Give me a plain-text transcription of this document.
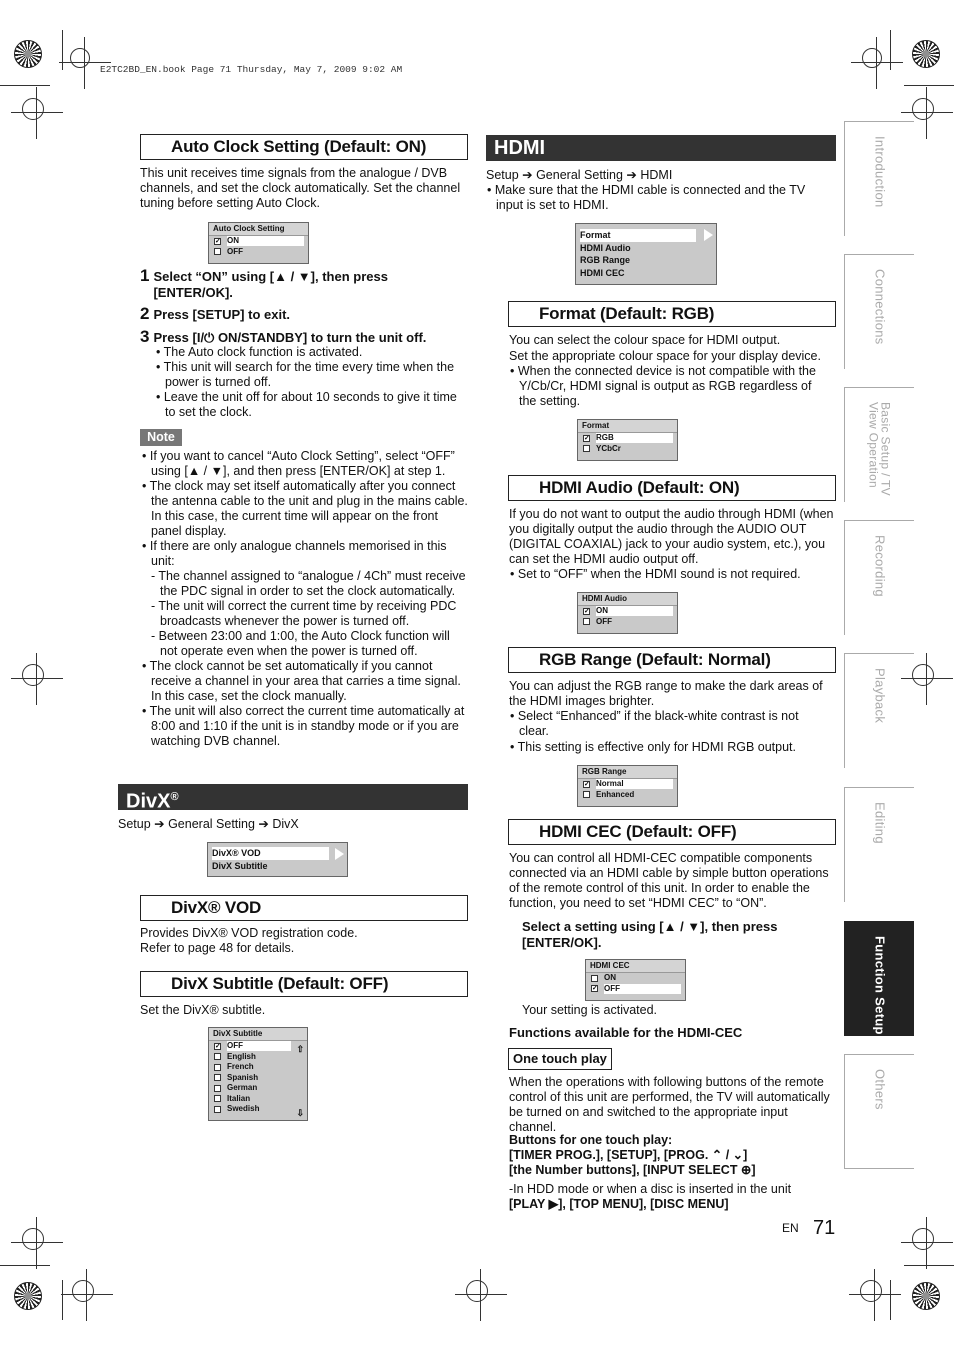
E2TC2BD_EN.book Page 71 Thursday, May 7, 2009 9:02 AM
Auto Clock Setting (Default: ON)

This unit receives time signals from the analogue / DVB channels, and set the clock automatically. Set the channel tuning before setting Auto Clock.

Auto Clock Setting
✓ ON
OFF
1 Select “ON” using [▲ / ▼], then press [ENTER/OK].
2 Press [SETUP] to exit.
3 Press [I/⏻ ON/STANDBY] to turn the unit off.

• The Auto clock function is activated.

• This unit will search for the time every time when the power is turned off.

• Leave the unit off for about 10 seconds to give it time to set the clock.

Note

• If you want to cancel “Auto Clock Setting”, select “OFF” using [▲ / ▼], and then press [ENTER/OK] at step 1.

• The clock may set itself automatically after you connect the antenna cable to the unit and plug in the mains cable. In this case, the current time will appear on the front panel display.

• If there are only analogue channels memorised in this unit:

- The channel assigned to “analogue / 4Ch” must receive the PDC signal in order to set the clock automatically.

- The unit will correct the current time by receiving PDC broadcasts whenever the power is turned off.

- Between 23:00 and 1:00, the Auto Clock function will not operate even when the power is turned off.

• The clock cannot be set automatically if you cannot receive a channel in your area that carries a time signal. In this case, set the clock manually.

• The unit will also correct the current time automatically at 8:00 and 1:10 if the unit is in standby mode or if you are watching DVB channel.

DivX®

Setup ➔ General Setting ➔ DivX

DivX® VOD
DivX Subtitle
DivX® VOD

Provides DivX® VOD registration code.

Refer to page 48 for details.

DivX Subtitle (Default: OFF)

Set the DivX® subtitle.

DivX Subtitle
✓ OFF
English
French
Spanish
German
Italian
Swedish
⇧
⇩
HDMI

Setup ➔ General Setting ➔ HDMI

• Make sure that the HDMI cable is connected and the TV input is set to HDMI.

Format
HDMI Audio
RGB Range
HDMI CEC
Format (Default: RGB)

You can select the colour space for HDMI output.

Set the appropriate colour space for your display device.

• When the connected device is not compatible with the Y/Cb/Cr, HDMI signal is output as RGB regardless of the setting.

Format
✓ RGB
YCbCr
HDMI Audio (Default: ON)

If you do not want to output the audio through HDMI (when you digitally output the audio through the AUDIO OUT (DIGITAL COAXIAL) jack to your audio system, etc.), you can set the HDMI audio output off.

• Set to “OFF” when the HDMI sound is not required.

HDMI Audio
✓ ON
OFF
RGB Range (Default: Normal)

You can adjust the RGB range to make the dark areas of the HDMI images brighter.

• Select “Enhanced” if the black-white contrast is not clear.

• This setting is effective only for HDMI RGB output.

RGB Range
✓ Normal
Enhanced
HDMI CEC (Default: OFF)

You can control all HDMI-CEC compatible components connected via an HDMI cable by simple button operations of the remote control of this unit. In order to enable the function, you need to set “HDMI CEC” to “ON”.

Select a setting using [▲ / ▼], then press [ENTER/OK].

HDMI CEC
ON
✓ OFF

Your setting is activated.

Functions available for the HDMI-CEC

One touch play

When the operations with following buttons of the remote control of this unit are performed, the TV will automatically be turned on and switched to the appropriate input channel.

Buttons for one touch play:

[TIMER PROG.], [SETUP], [PROG. ⌃ / ⌄]

[the Number buttons], [INPUT SELECT ⊕]

-In HDD mode or when a disc is inserted in the unit

[PLAY ▶], [TOP MENU], [DISC MENU]

Introduction
Connections
Basic Setup / TV View Operation
Recording
Playback
Editing
Function Setup
Others
EN 71
